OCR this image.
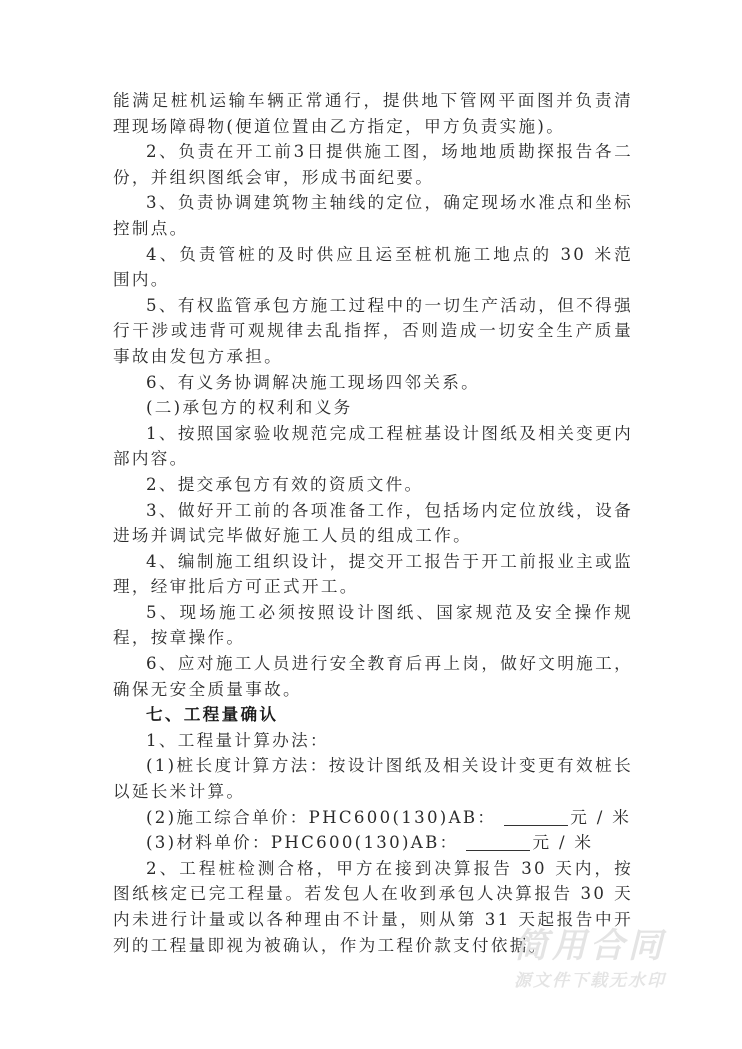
能满足桩机运输车辆正常通行，提供地下管网平面图并负责清理现场障碍物(便道位置由乙方指定，甲方负责实施)。

2、负责在开工前3日提供施工图，场地地质勘探报告各二份，并组织图纸会审，形成书面纪要。

3、负责协调建筑物主轴线的定位，确定现场水准点和坐标控制点。

4、负责管桩的及时供应且运至桩机施工地点的 30 米范围内。

5、有权监管承包方施工过程中的一切生产活动，但不得强行干涉或违背可观规律去乱指挥，否则造成一切安全生产质量事故由发包方承担。

6、有义务协调解决施工现场四邻关系。

(二)承包方的权利和义务

1、按照国家验收规范完成工程桩基设计图纸及相关变更内部内容。

2、提交承包方有效的资质文件。

3、做好开工前的各项准备工作，包括场内定位放线，设备进场并调试完毕做好施工人员的组成工作。

4、编制施工组织设计，提交开工报告于开工前报业主或监理，经审批后方可正式开工。

5、现场施工必须按照设计图纸、国家规范及安全操作规程，按章操作。

6、应对施工人员进行安全教育后再上岗，做好文明施工，确保无安全质量事故。

七、工程量确认

1、工程量计算办法：

(1)桩长度计算方法：按设计图纸及相关设计变更有效桩长以延长米计算。

(2)施工综合单价：PHC600(130)AB：	元 / 米

(3)材料单价：PHC600(130)AB：	元 / 米

2、工程桩检测合格，甲方在接到决算报告 30 天内，按图纸核定已完工程量。若发包人在收到承包人决算报告 30 天内未进行计量或以各种理由不计量，则从第 31 天起报告中开列的工程量即视为被确认，作为工程价款支付依据。

简用合同
源文件下载无水印
